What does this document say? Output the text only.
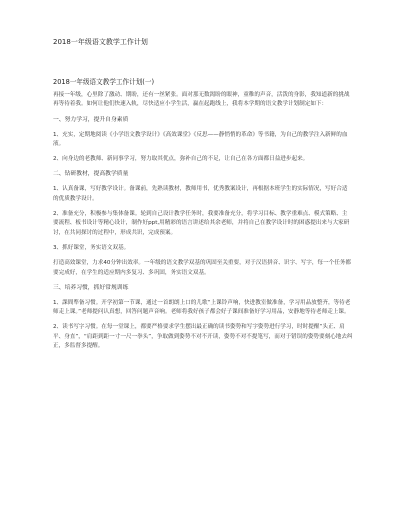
2018一年级语文教学工作计划
2018一年级语文教学工作计划(一)

再接一年级，心里除了激动、期盼，还有一丝紧张。面对那无数渴盼的眼神，童稚的声音，活泼的身影，我知道新的挑战再等待着我。如何让他们快速入轨，尽快适应小学生活，赢在起跑线上，我将本学期的语文教学计划制定如下：

一、努力学习，提升自身素质

1、充实，定期地阅读《小学语文教学设计》《高效课堂》《反思——静悄悄的革命》等书籍，为自己的教学注入新鲜的血液。

2、向身边的老教师、新同事学习，努力取其优点，弥补自己的不足，让自己在各方面都日益进步起来。

二、钻研教材，提高教学质量

1、认真备课，写好教学设计。备课前，先熟读教材，教师用书，优秀教案设计，再根据本班学生的实际情况，写好合适的优质教学设计。

2、准备充分，积极参与集体备课。轮到自己设计教学任务时，我要准备充分，将学习目标、教学重难点、模式策略、主要流程、板书设计等精心设计，制作好ppt,用精彩的语言讲述给其余老师，并将自己在教学设计时的困惑提出来与大家研讨，在共同探讨的过程中，形成共识，完成预案。

3、抓好课堂，务实语文双基。

打造高效课堂，力求40分钟出效率。一年级的语文教学双基的巩固至关重要，对于汉语拼音、识字、写字，每一个任务都要完成好，在学生的适应期内多复习、多巩固，务实语文双基。

三、培养习惯，抓好常规训练

1、課間準备习惯。开学初第一节课，通过一首朗朗上口的儿歌“上课铃声响，快进教室做准备，学习用品放整齐，等待老师走上课。”老师提问认真想，回答问题声音响。老师将我好孩子都会好子课间准备好学习用品，安静地等待老师走上课。

2、读书写字习惯。在每一堂课上，都要严格要求学生摆出最正确的读书姿势和写字姿势进行学习，时时提醒“头正、肩平、身直”，“肩距到距一寸一尺一拳头”，争取做到姿势不对不开读，姿势不对不提笔写，而对于错误的姿势要刻心地去纠正，多监督多提醒。
